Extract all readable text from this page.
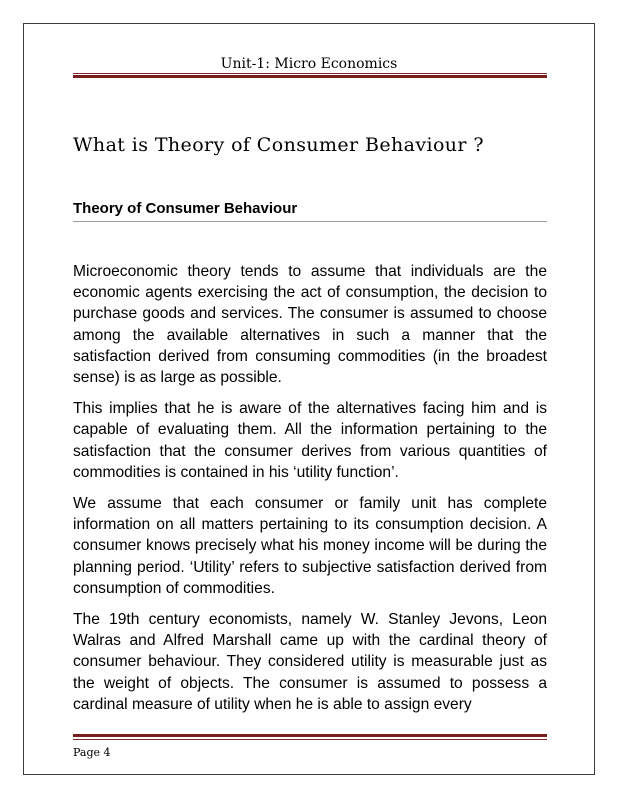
Unit-1: Micro Economics
What is Theory of Consumer Behaviour ?
Theory of Consumer Behaviour

Microeconomic theory tends to assume that individuals are the economic agents exercising the act of consumption, the decision to purchase goods and services. The consumer is assumed to choose among the available alternatives in such a manner that the satisfaction derived from consuming commodities (in the broadest sense) is as large as possible.

This implies that he is aware of the alternatives facing him and is capable of evaluating them. All the information pertaining to the satisfaction that the consumer derives from various quantities of commodities is contained in his ‘utility function’.

We assume that each consumer or family unit has complete information on all matters pertaining to its consumption decision. A consumer knows precisely what his money income will be during the planning period. ‘Utility’ refers to subjective satisfaction derived from consumption of commodities.

The 19th century economists, namely W. Stanley Jevons, Leon Walras and Alfred Marshall came up with the cardinal theory of consumer behaviour. They considered utility is measurable just as the weight of objects. The consumer is assumed to possess a cardinal measure of utility when he is able to assign every

Page 4
